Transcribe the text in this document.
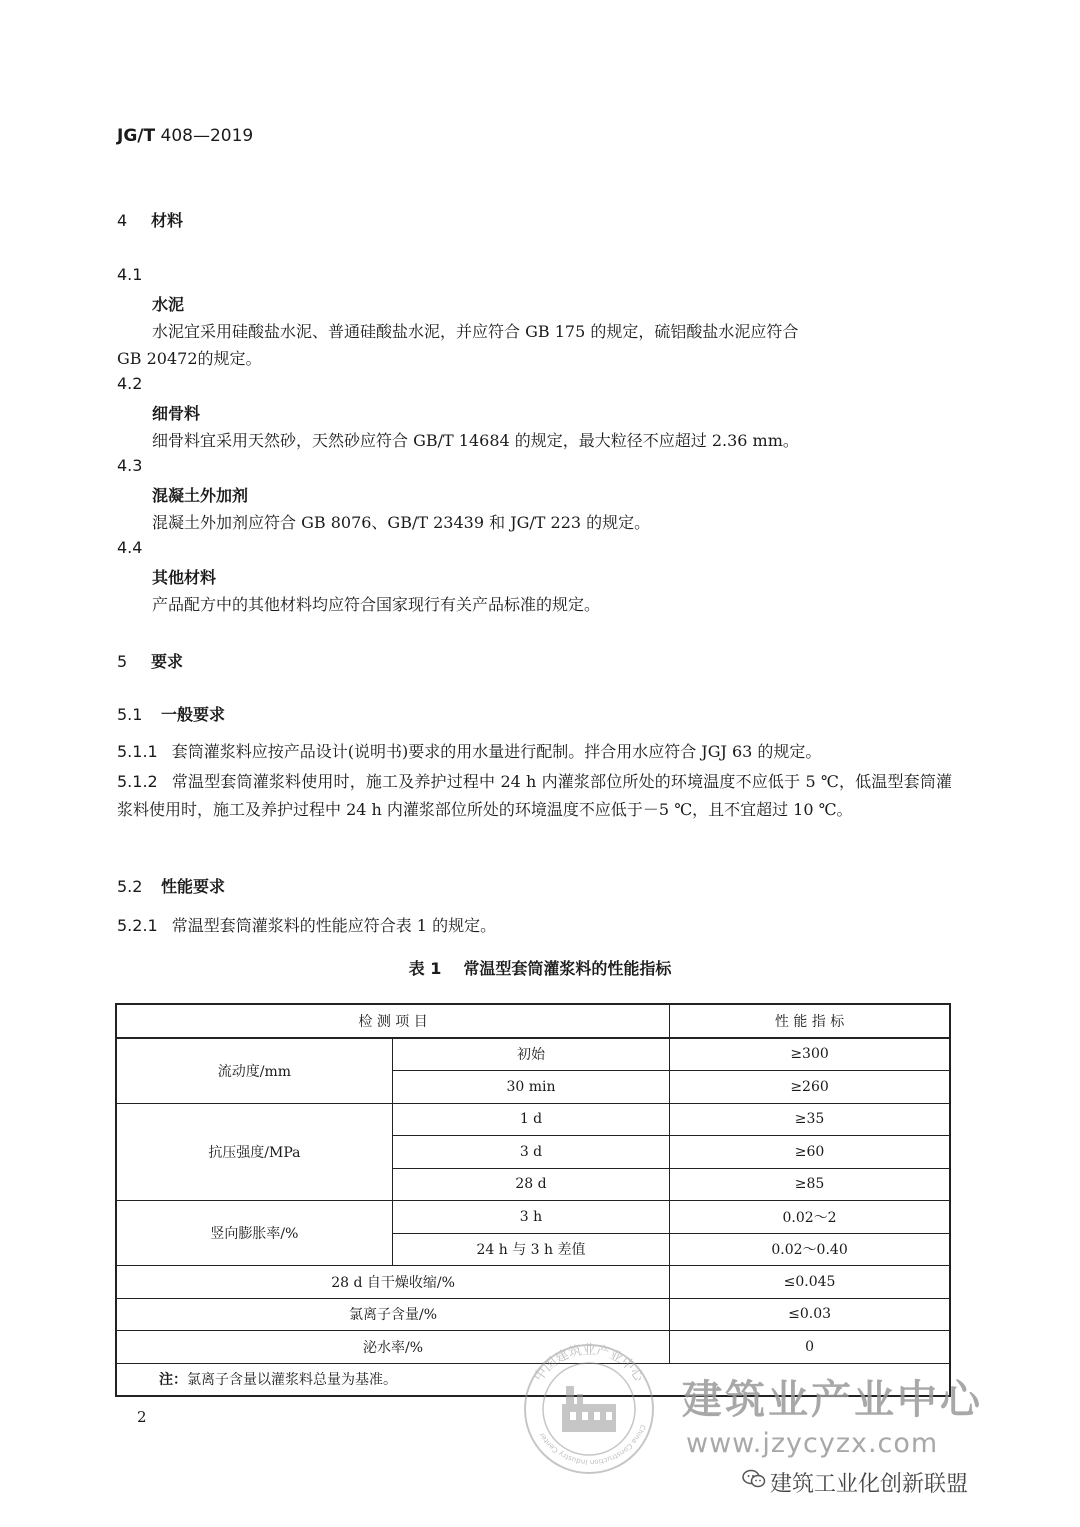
JG/T 408—2019
4 材料
4.1
水泥
水泥宜采用硅酸盐水泥、普通硅酸盐水泥，并应符合 GB 175 的规定，硫铝酸盐水泥应符合
GB 20472的规定。
4.2
细骨料
细骨料宜采用天然砂，天然砂应符合 GB/T 14684 的规定，最大粒径不应超过 2.36 mm。
4.3
混凝土外加剂
混凝土外加剂应符合 GB 8076、GB/T 23439 和 JG/T 223 的规定。
4.4
其他材料
产品配方中的其他材料均应符合国家现行有关产品标准的规定。
5 要求
5.1 一般要求
5.1.1 套筒灌浆料应按产品设计(说明书)要求的用水量进行配制。拌合用水应符合 JGJ 63 的规定。
5.1.2 常温型套筒灌浆料使用时，施工及养护过程中 24 h 内灌浆部位所处的环境温度不应低于 5 ℃，低温型套筒灌浆料使用时，施工及养护过程中 24 h 内灌浆部位所处的环境温度不应低于－5 ℃，且不宜超过 10 ℃。
5.2 性能要求
5.2.1 常温型套筒灌浆料的性能应符合表 1 的规定。
表 1 常温型套筒灌浆料的性能指标
检 测 项 目		性 能 指 标
流动度/mm	初始	≥300
	30 min	≥260
抗压强度/MPa	1 d	≥35
	3 d	≥60
	28 d	≥85
竖向膨胀率/%	3 h	0.02～2
	24 h 与 3 h 差值	0.02～0.40
28 d 自干燥收缩/%		≤0.045
氯离子含量/%		≤0.03
泌水率/%		0
注：氯离子含量以灌浆料总量为基准。		
2
中国建筑业产业中心
China Construction Industry Center
建筑业产业中心
www.jzycyzx.com
建筑工业化创新联盟
